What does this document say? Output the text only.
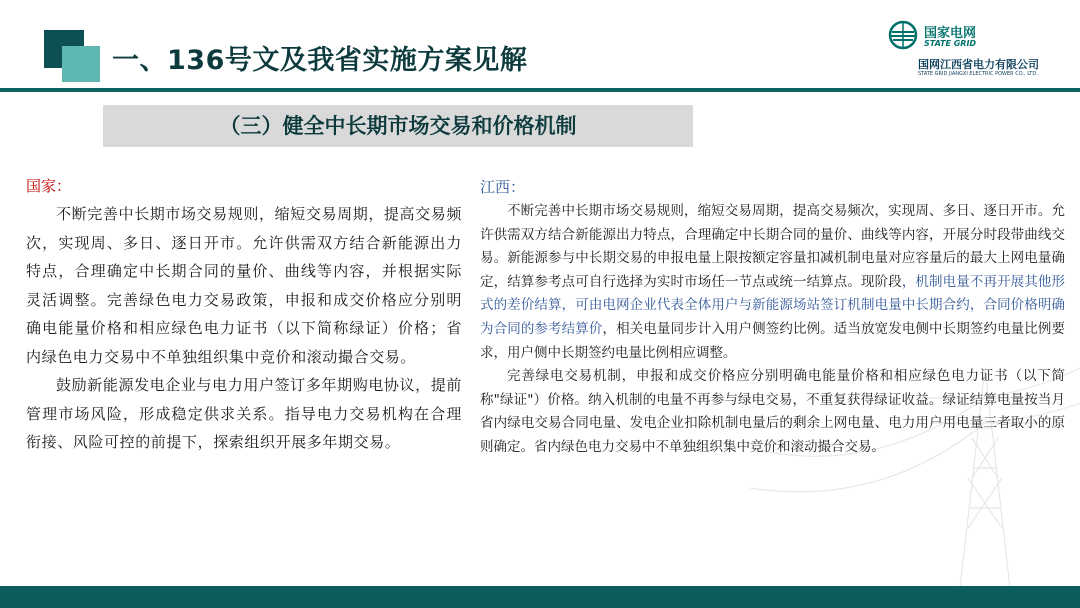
一、136号文及我省实施方案见解
国家电网
STATE GRID
国网江西省电力有限公司
STATE GRID JIANGXI ELECTRIC POWER CO., LTD.
（三）健全中长期市场交易和价格机制
国家：

不断完善中长期市场交易规则，缩短交易周期，提高交易频次，实现周、多日、逐日开市。允许供需双方结合新能源出力特点，合理确定中长期合同的量价、曲线等内容，并根据实际灵活调整。完善绿色电力交易政策，申报和成交价格应分别明确电能量价格和相应绿色电力证书（以下简称绿证）价格；省内绿色电力交易中不单独组织集中竞价和滚动撮合交易。

鼓励新能源发电企业与电力用户签订多年期购电协议，提前管理市场风险，形成稳定供求关系。指导电力交易机构在合理衔接、风险可控的前提下，探索组织开展多年期交易。

江西：

不断完善中长期市场交易规则，缩短交易周期，提高交易频次，实现周、多日、逐日开市。允许供需双方结合新能源出力特点，合理确定中长期合同的量价、曲线等内容，开展分时段带曲线交易。新能源参与中长期交易的申报电量上限按额定容量扣减机制电量对应容量后的最大上网电量确定，结算参考点可自行选择为实时市场任一节点或统一结算点。现阶段，机制电量不再开展其他形式的差价结算，可由电网企业代表全体用户与新能源场站签订机制电量中长期合约，合同价格明确为合同的参考结算价，相关电量同步计入用户侧签约比例。适当放宽发电侧中长期签约电量比例要求，用户侧中长期签约电量比例相应调整。

完善绿电交易机制，申报和成交价格应分别明确电能量价格和相应绿色电力证书（以下简称"绿证"）价格。纳入机制的电量不再参与绿电交易，不重复获得绿证收益。绿证结算电量按当月省内绿电交易合同电量、发电企业扣除机制电量后的剩余上网电量、电力用户用电量三者取小的原则确定。省内绿色电力交易中不单独组织集中竞价和滚动撮合交易。
